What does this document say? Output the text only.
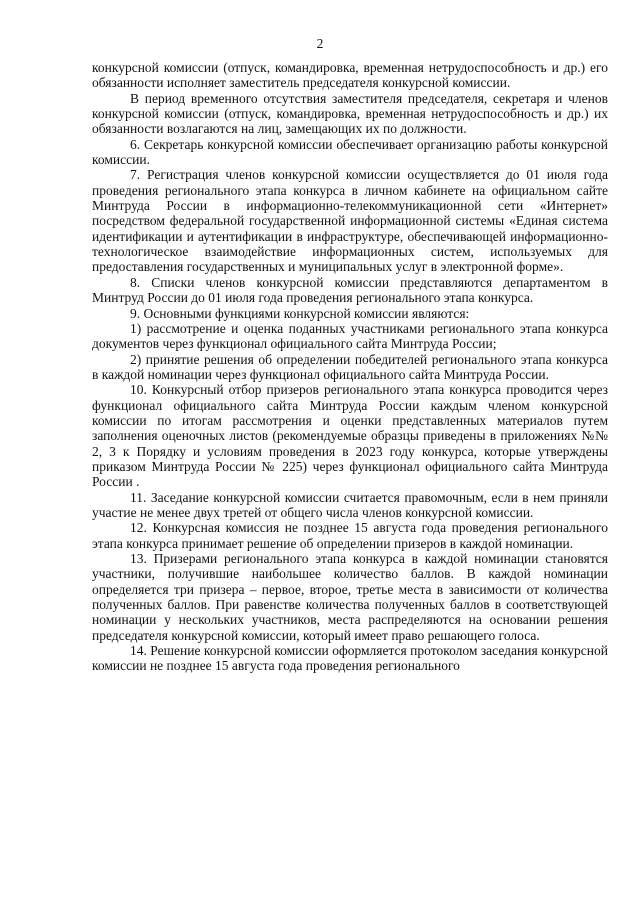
2

конкурсной комиссии (отпуск, командировка, временная нетрудоспособность и др.) его обязанности исполняет заместитель председателя конкурсной комиссии.

В период временного отсутствия заместителя председателя, секретаря и членов конкурсной комиссии (отпуск, командировка, временная нетрудоспособность и др.) их обязанности возлагаются на лиц, замещающих их по должности.

6. Секретарь конкурсной комиссии обеспечивает организацию работы конкурсной комиссии.

7. Регистрация членов конкурсной комиссии осуществляется до 01 июля года проведения регионального этапа конкурса в личном кабинете на официальном сайте Минтруда России в информационно-телекоммуникационной сети «Интернет» посредством федеральной государственной информационной системы «Единая система идентификации и аутентификации в инфраструктуре, обеспечивающей информационно-технологическое взаимодействие информационных систем, используемых для предоставления государственных и муниципальных услуг в электронной форме».

8. Списки членов конкурсной комиссии представляются департаментом в Минтруд России до 01 июля года проведения регионального этапа конкурса.

9. Основными функциями конкурсной комиссии являются:

1) рассмотрение и оценка поданных участниками регионального этапа конкурса документов через функционал официального сайта Минтруда России;

2) принятие решения об определении победителей регионального этапа конкурса в каждой номинации через функционал официального сайта Минтруда России.

10. Конкурсный отбор призеров регионального этапа конкурса проводится через функционал официального сайта Минтруда России каждым членом конкурсной комиссии по итогам рассмотрения и оценки представленных материалов путем заполнения оценочных листов (рекомендуемые образцы приведены в приложениях №№ 2, 3 к Порядку и условиям проведения в 2023 году конкурса, которые утверждены приказом Минтруда России № 225) через функционал официального сайта Минтруда России .

11. Заседание конкурсной комиссии считается правомочным, если в нем приняли участие не менее двух третей от общего числа членов конкурсной комиссии.

12. Конкурсная комиссия не позднее 15 августа года проведения регионального этапа конкурса принимает решение об определении призеров в каждой номинации.

13. Призерами регионального этапа конкурса в каждой номинации становятся участники, получившие наибольшее количество баллов. В каждой номинации определяется три призера – первое, второе, третье места в зависимости от количества полученных баллов. При равенстве количества полученных баллов в соответствующей номинации у нескольких участников, места распределяются на основании решения председателя конкурсной комиссии, который имеет право решающего голоса.

14. Решение конкурсной комиссии оформляется протоколом заседания конкурсной комиссии не позднее 15 августа года проведения регионального
